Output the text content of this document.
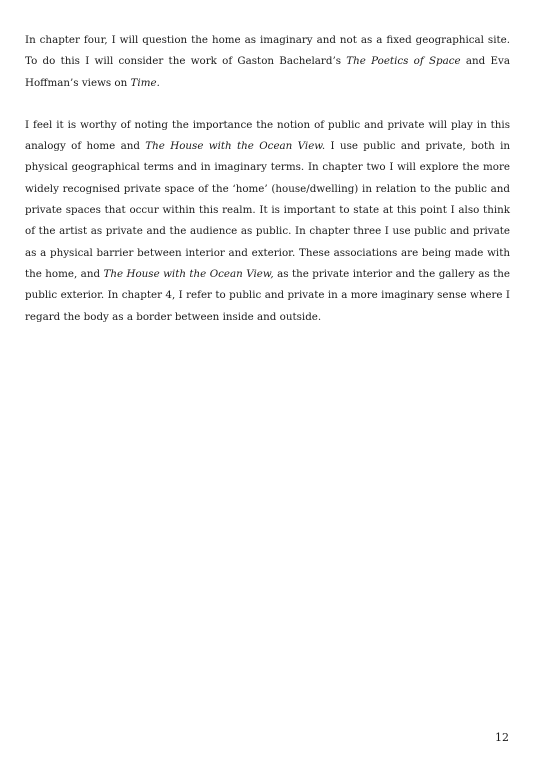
In chapter four, I will question the home as imaginary and not as a fixed geographical site. To do this I will consider the work of Gaston Bachelard’s The Poetics of Space and Eva Hoffman’s views on Time.

I feel it is worthy of noting the importance the notion of public and private will play in this analogy of home and The House with the Ocean View. I use public and private, both in physical geographical terms and in imaginary terms. In chapter two I will explore the more widely recognised private space of the ‘home’ (house/dwelling) in relation to the public and private spaces that occur within this realm. It is important to state at this point I also think of the artist as private and the audience as public. In chapter three I use public and private as a physical barrier between interior and exterior. These associations are being made with the home, and The House with the Ocean View, as the private interior and the gallery as the public exterior. In chapter 4, I refer to public and private in a more imaginary sense where I regard the body as a border between inside and outside.

12
